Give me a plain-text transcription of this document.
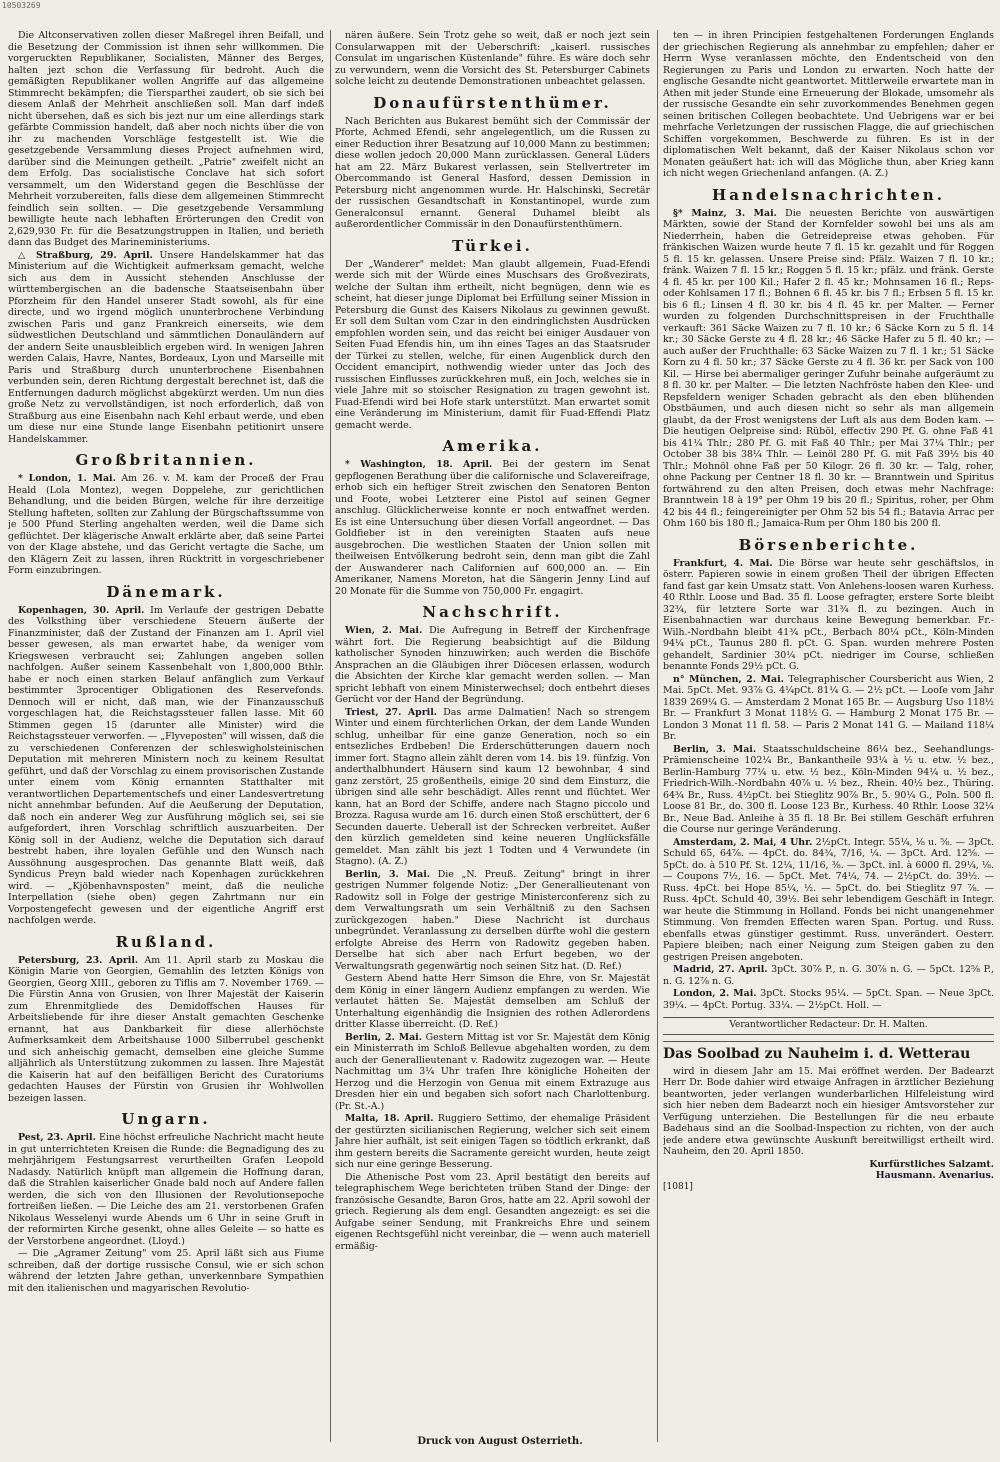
10503269

Die Altconservativen zollen dieser Maßregel ihren Beifall, und die Besetzung der Commission ist ihnen sehr willkommen. Die vorgeruckten Republikaner, Socialisten, Männer des Berges, halten jezt schon die Verfassung für bedroht. Auch die gemäßigten Republikaner wollen Angriffe auf das allgemeine Stimmrecht bekämpfen; die Tiersparthei zaudert, ob sie sich bei diesem Anlaß der Mehrheit anschließen soll. Man darf indeß nicht übersehen, daß es sich bis jezt nur um eine allerdings stark gefärbte Commission handelt, daß aber noch nichts über die von ihr zu machenden Vorschläge festgestellt ist. Wie die gesetzgebende Versammlung dieses Project aufnehmen wird, darüber sind die Meinungen getheilt. „Patrie" zweifelt nicht an dem Erfolg. Das socialistische Conclave hat sich sofort versammelt, um den Widerstand gegen die Beschlüsse der Mehrheit vorzubereiten, falls diese dem allgemeinen Stimmrecht feindlich sein sollten. — Die gesetzgebende Versammlung bewilligte heute nach lebhaften Erörterungen den Credit von 2,629,930 Fr. für die Besatzungstruppen in Italien, und berieth dann das Budget des Marineministeriums.

△ Straßburg, 29. April. Unsere Handelskammer hat das Ministerium auf die Wichtigkeit aufmerksam gemacht, welche sich aus dem in Aussicht stehenden Anschlusse der württembergischen an die badensche Staatseisenbahn über Pforzheim für den Handel unserer Stadt sowohl, als für eine directe, und wo irgend möglich ununterbrochene Verbindung zwischen Paris und ganz Frankreich einerseits, wie dem südwestlichen Deutschland und sämmtlichen Donauländern auf der andern Seite unausbleiblich ergeben wird. In wenigen Jahren werden Calais, Havre, Nantes, Bordeaux, Lyon und Marseille mit Paris und Straßburg durch ununterbrochene Eisenbahnen verbunden sein, deren Richtung dergestalt berechnet ist, daß die Entfernungen dadurch möglichst abgekürzt werden. Um nun dies große Netz zu vervollständigen, ist noch erforderlich, daß von Straßburg aus eine Eisenbahn nach Kehl erbaut werde, und eben um diese nur eine Stunde lange Eisenbahn petitionirt unsere Handelskammer.

Großbritannien.

* London, 1. Mai. Am 26. v. M. kam der Proceß der Frau Heald (Lola Montez), wegen Doppelehe, zur gerichtlichen Behandlung, und die beiden Bürgen, welche für ihre derzeitige Stellung hafteten, sollten zur Zahlung der Bürgschaftssumme von je 500 Pfund Sterling angehalten werden, weil die Dame sich geflüchtet. Der klägerische Anwalt erklärte aber, daß seine Partei von der Klage abstehe, und das Gericht vertagte die Sache, um den Klägern Zeit zu lassen, ihren Rücktritt in vorgeschriebener Form einzubringen.

Dänemark.

Kopenhagen, 30. April. Im Verlaufe der gestrigen Debatte des Volksthing über verschiedene Steuern äußerte der Finanzminister, daß der Zustand der Finanzen am 1. April viel besser gewesen, als man erwartet habe, da weniger vom Kriegswesen verbraucht sei; Zahlungen angeben sollen nachfolgen. Außer seinem Kassenbehalt von 1,800,000 Bthlr. habe er noch einen starken Belauf anfänglich zum Verkauf bestimmter 3procentiger Obligationen des Reservefonds. Dennoch will er nicht, daß man, wie der Finanzausschuß vorgeschlagen hat, die Reichstagssteuer fallen lasse. Mit 60 Stimmen gegen 15 (darunter alle Minister) wird die Reichstagssteuer verworfen. — „Flyveposten" will wissen, daß die zu verschiedenen Conferenzen der schleswigholsteinischen Deputation mit mehreren Ministern noch zu keinem Resultat geführt, und daß der Vorschlag zu einem provisorischen Zustande unter einem vom König ernannten Statthalter mit verantwortlichen Departementschefs und einer Landesvertretung nicht annehmbar befunden. Auf die Aeußerung der Deputation, daß noch ein anderer Weg zur Ausführung möglich sei, sei sie aufgefordert, ihren Vorschlag schriftlich auszuarbeiten. Der König soll in der Audienz, welche die Deputation sich darauf bestrebt haben, ihre loyalen Gefühle und den Wunsch nach Aussöhnung ausgesprochen. Das genannte Blatt weiß, daß Syndicus Preyn bald wieder nach Kopenhagen zurückkehren wird. — „Kjöbenhavnsposten" meint, daß die neuliche Interpellation (siehe oben) gegen Zahrtmann nur ein Vorpostengefecht gewesen und der eigentliche Angriff erst nachfolgen werde.

Rußland.

Petersburg, 23. April. Am 11. April starb zu Moskau die Königin Marie von Georgien, Gemahlin des letzten Königs von Georgien, Georg XIII., geboren zu Tiflis am 7. November 1769. — Die Fürstin Anna von Grusien, von Ihrer Majestät der Kaiserin zum Ehrenmitgliede des Demidoffschen Hauses für Arbeitsliebende für ihre dieser Anstalt gemachten Geschenke ernannt, hat aus Dankbarkeit für diese allerhöchste Aufmerksamkeit dem Arbeitshause 1000 Silberrubel geschenkt und sich anheischig gemacht, demselben eine gleiche Summe alljährlich als Unterstützung zukommen zu lassen. Ihre Majestät die Kaiserin hat auf den beifälligen Bericht des Curatoriums gedachten Hauses der Fürstin von Grusien ihr Wohlwollen bezeigen lassen.

Ungarn.

Pest, 23. April. Eine höchst erfreuliche Nachricht macht heute in gut unterrichteten Kreisen die Runde: die Begnadigung des zu mehrjährigem Festungsarrest verurtheilten Grafen Leopold Nadasdy. Natürlich knüpft man allgemein die Hoffnung daran, daß die Strahlen kaiserlicher Gnade bald noch auf Andere fallen werden, die sich von den Illusionen der Revolutionsepoche fortreißen ließen. — Die Leiche des am 21. verstorbenen Grafen Nikolaus Wesselenyi wurde Abends um 6 Uhr in seine Gruft in der reformirten Kirche gesenkt, ohne alles Geleite — so hatte es der Verstorbene angeordnet. (Lloyd.)

— Die „Agramer Zeitung" vom 25. April läßt sich aus Fiume schreiben, daß der dortige russische Consul, wie er sich schon während der letzten Jahre gethan, unverkennbare Sympathien mit den italienischen und magyarischen Revolutio-

nären äußere. Sein Trotz gehe so weit, daß er noch jezt sein Consularwappen mit der Ueberschrift: „kaiserl. russisches Consulat im ungarischen Küstenlande" führe. Es wäre doch sehr zu verwundern, wenn die Vorsicht des St. Petersburger Cabinets solche leicht zu deutende Demonstrationen unbeachtet gelassen.

Donaufürstenthümer.

Nach Berichten aus Bukarest bemüht sich der Commissär der Pforte, Achmed Efendi, sehr angelegentlich, um die Russen zu einer Reduction ihrer Besatzung auf 10,000 Mann zu bestimmen; diese wollen jedoch 20,000 Mann zurücklassen. General Lüders hat am 22. März Bukarest verlassen, sein Stellvertreter im Obercommando ist General Hasford, dessen Demission in Petersburg nicht angenommen wurde. Hr. Halschinski, Secretär der russischen Gesandtschaft in Konstantinopel, wurde zum Generalconsul ernannt. General Duhamel bleibt als außerordentlicher Commissär in den Donaufürstenthümern.

Türkei.

Der „Wanderer" meldet: Man glaubt allgemein, Fuad-Efendi werde sich mit der Würde eines Muschsars des Großvezirats, welche der Sultan ihm ertheilt, nicht begnügen, denn wie es scheint, hat dieser junge Diplomat bei Erfüllung seiner Mission in Petersburg die Gunst des Kaisers Nikolaus zu gewinnen gewußt. Er soll dem Sultan vom Czar in den eindringlichsten Ausdrücken empfohlen worden sein, und das reicht bei einiger Ausdauer von Seiten Fuad Efendis hin, um ihn eines Tages an das Staatsruder der Türkei zu stellen, welche, für einen Augenblick durch den Occident emancipirt, nothwendig wieder unter das Joch des russischen Einflusses zurückkehren muß, ein Joch, welches sie in viele Jahre mit so stoischer Resignation zu tragen gewohnt ist. Fuad-Efendi wird bei Hofe stark unterstützt. Man erwartet somit eine Veränderung im Ministerium, damit für Fuad-Effendi Platz gemacht werde.

Amerika.

* Washington, 18. April. Bei der gestern im Senat gepflogenen Berathung über die californische und Sclavereifrage, erhob sich ein heftiger Streit zwischen den Senatoren Benton und Foote, wobei Letzterer eine Pistol auf seinen Gegner anschlug. Glücklicherweise konnte er noch entwaffnet werden. Es ist eine Untersuchung über diesen Vorfall angeordnet. — Das Goldfieber ist in den vereinigten Staaten aufs neue ausgebrochen. Die westlichen Staaten der Union sollen mit theilweisen Entvölkerung bedroht sein, denn man gibt die Zahl der Auswanderer nach Californien auf 600,000 an. — Ein Amerikaner, Namens Moreton, hat die Sängerin Jenny Lind auf 20 Monate für die Summe von 750,000 Fr. engagirt.

Nachschrift.

Wien, 2. Mai. Die Aufregung in Betreff der Kirchenfrage währt fort. Die Regierung beabsichtigt auf die Bildung katholischer Synoden hinzuwirken; auch werden die Bischöfe Ansprachen an die Gläubigen ihrer Diöcesen erlassen, wodurch die Absichten der Kirche klar gemacht werden sollen. — Man spricht lebhaft von einem Ministerwechsel; doch entbehrt dieses Gerücht vor der Hand der Begründung.

Triest, 27. April. Das arme Dalmatien! Nach so strengem Winter und einem fürchterlichen Orkan, der dem Lande Wunden schlug, unheilbar für eine ganze Generation, noch so ein entsezliches Erdbeben! Die Erderschütterungen dauern noch immer fort. Stagno allein zählt deren vom 14. bis 19. fünfzig. Von anderthalbhundert Häusern sind kaum 12 bewohnbar, 4 sind ganz zerstört, 25 großentheils, einige 20 sind dem Einsturz, die übrigen sind alle sehr beschädigt. Alles rennt und flüchtet. Wer kann, hat an Bord der Schiffe, andere nach Stagno piccolo und Brozza. Ragusa wurde am 16. durch einen Stoß erschüttert, der 6 Secunden dauerte. Ueberall ist der Schrecken verbreitet. Außer den kürzlich gemeldeten sind keine neueren Unglücksfälle gemeldet. Man zählt bis jezt 1 Todten und 4 Verwundete (in Stagno). (A. Z.)

Berlin, 3. Mai. Die „N. Preuß. Zeitung" bringt in ihrer gestrigen Nummer folgende Notiz: „Der Generallieutenant von Radowitz soll in Folge der gestrige Ministerconferenz sich zu dem Verwaltungsrath um sein Verhältniß zu den Sachsen zurückgezogen haben." Diese Nachricht ist durchaus unbegründet. Veranlassung zu derselben dürfte wohl die gestern erfolgte Abreise des Herrn von Radowitz gegeben haben. Derselbe hat sich aber nach Erfurt begeben, wo der Verwaltungsrath gegenwärtig noch seinen Sitz hat. (D. Ref.)

Gestern Abend hatte Herr Simson die Ehre, von Sr. Majestät dem König in einer längern Audienz empfangen zu werden. Wie verlautet hätten Se. Majestät demselben am Schluß der Unterhaltung eigenhändig die Insignien des rothen Adlerordens dritter Klasse überreicht. (D. Ref.)

Berlin, 2. Mai. Gestern Mittag ist vor Sr. Majestät dem König ein Ministerrath im Schloß Bellevue abgehalten worden, zu dem auch der Generallieutenant v. Radowitz zugezogen war. — Heute Nachmittag um 3¼ Uhr trafen Ihre königliche Hoheiten der Herzog und die Herzogin von Genua mit einem Extrazuge aus Dresden hier ein und begaben sich sofort nach Charlottenburg. (Pr. St.-A.)

Malta, 18. April. Ruggiero Settimo, der ehemalige Präsident der gestürzten sicilianischen Regierung, welcher sich seit einem Jahre hier aufhält, ist seit einigen Tagen so tödtlich erkrankt, daß ihm gestern bereits die Sacramente gereicht wurden, heute zeigt sich nur eine geringe Besserung.

Die Athenische Post vom 23. April bestätigt den bereits auf telegraphischem Wege berichteten trüben Stand der Dinge: der französische Gesandte, Baron Gros, hatte am 22. April sowohl der griech. Regierung als dem engl. Gesandten angezeigt: es sei die Aufgabe seiner Sendung, mit Frankreichs Ehre und seinem eigenen Rechtsgefühl nicht vereinbar, die — wenn auch materiell ermäßig-

ten — in ihren Principien festgehaltenen Forderungen Englands der griechischen Regierung als annehmbar zu empfehlen; daher er Herrn Wyse veranlassen möchte, den Endentscheid von den Regierungen zu Paris und London zu erwarten. Noch hatte der englische Gesandte nicht geantwortet. Mittlerweile erwartete man in Athen mit jeder Stunde eine Erneuerung der Blokade, umsomehr als der russische Gesandte ein sehr zuvorkommendes Benehmen gegen seinen britischen Collegen beobachtete. Und Uebrigens war er bei mehrfache Verletzungen der russischen Flagge, die auf griechischen Schiffen vorgekommen, Beschwerde zu führen. Es ist in der diplomatischen Welt bekannt, daß der Kaiser Nikolaus schon vor Monaten geäußert hat: ich will das Mögliche thun, aber Krieg kann ich nicht wegen Griechenland anfangen. (A. Z.)

Handelsnachrichten.

§* Mainz, 3. Mai. Die neuesten Berichte von auswärtigen Märkten, sowie der Stand der Kornfelder sowohl bei uns als am Niederrhein, haben die Getreidepreise etwas gehoben. Für fränkischen Waizen wurde heute 7 fl. 15 kr. gezahlt und für Roggen 5 fl. 15 kr. gelassen. Unsere Preise sind: Pfälz. Waizen 7 fl. 10 kr.; fränk. Waizen 7 fl. 15 kr.; Roggen 5 fl. 15 kr.; pfälz. und fränk. Gerste 4 fl. 45 kr. per 100 Kil.; Hafer 2 fl. 45 kr.; Mohnsamen 16 fl.; Reps- oder Kohlsamen 17 fl.; Bohnen 6 fl. 45 kr. bis 7 fl.; Erbsen 5 fl. 15 kr. bis 6 fl.; Linsen 4 fl. 30 kr. bis 4 fl. 45 kr. per Malter. — Ferner wurden zu folgenden Durchschnittspreisen in der Fruchthalle verkauft: 361 Säcke Waizen zu 7 fl. 10 kr.; 6 Säcke Korn zu 5 fl. 14 kr.; 30 Säcke Gerste zu 4 fl. 28 kr.; 46 Säcke Hafer zu 5 fl. 40 kr.; — auch außer der Fruchthalle: 63 Säcke Waizen zu 7 fl. 1 kr.; 51 Säcke Korn zu 4 fl. 50 kr.; 37 Säcke Gerste zu 4 fl. 36 kr. per Sack von 100 Kil. — Hirse bei abermaliger geringer Zufuhr beinahe aufgeräumt zu 8 fl. 30 kr. per Malter. — Die letzten Nachfröste haben den Klee- und Repsfeldern weniger Schaden gebracht als den eben blühenden Obstbäumen, und auch diesen nicht so sehr als man allgemein glaubt, da der Frost wenigstens der Luft als aus dem Boden kam. — Die heutigen Oelpreise sind: Rüböl, effectiv 290 Pf. G. ohne Faß 41 bis 41¼ Thlr.; 280 Pf. G. mit Faß 40 Thlr.; per Mai 37¼ Thlr.; per October 38 bis 38¼ Thlr. — Leinöl 280 Pf. G. mit Faß 39½ bis 40 Thlr.; Mohnöl ohne Faß per 50 Kilogr. 26 fl. 30 kr. — Talg, roher, ohne Packung per Centner 18 fl. 30 kr. — Branntwein und Spiritus fortwährend zu den alten Preisen, doch etwas mehr Nachfrage: Branntwein 18 à 19° per Ohm 19 bis 20 fl.; Spiritus, roher, per Ohm 42 bis 44 fl.; feingereinigter per Ohm 52 bis 54 fl.; Batavia Arrac per Ohm 160 bis 180 fl.; Jamaica-Rum per Ohm 180 bis 200 fl.

Börsenberichte.

Frankfurt, 4. Mai. Die Börse war heute sehr geschäftslos, in österr. Papieren sowie in einem großen Theil der übrigen Effecten fand fast gar kein Umsatz statt. Von Anlehens-loosen waren Kurhess. 40 Rthlr. Loose und Bad. 35 fl. Loose gefragter, erstere Sorte bleibt 32¾, für letztere Sorte war 31¾ fl. zu bezingen. Auch in Eisenbahnactien war durchaus keine Bewegung bemerkbar. Fr.-Wilh.-Nordbahn bleibt 41¾ pCt., Berbach 80¼ pCt., Köln-Minden 94¼ pCt., Taunus 280 fl. pCt. G. Span. wurden mehrere Posten gehandelt, Sardinier 30¼ pCt. niedriger im Course, schließen benannte Fonds 29½ pCt. G.

n° München, 2. Mai. Telegraphischer Coursbericht aus Wien, 2 Mai. 5pCt. Met. 93⅞ G. 4¼pCt. 81¼ G. — 2½ pCt. — Looſe vom Jahr 1839 269¼ G. — Amsterdam 2 Monat 165 Br. — Augsburg Uso 118½ Br. — Frankfurt 3 Monat 118½ G. — Hamburg 2 Monat 175 Br. — London 3 Monat 11 fl. 58. — Paris 2 Monat 141 G. — Mailand 118¼ Br.

Berlin, 3. Mai. Staatsschuldscheine 86¼ bez., Seehandlungs-Prämienscheine 102¼ Br., Bankantheile 93¼ à ½ u. etw. ½ bez., Berlin-Hamburg 77¼ u. etw. ½ bez., Köln-Minden 94¼ u. ½ bez., Friedrich-Wilh.-Nordbahn 40⅞ u. ½ bez., Rhein. 40½ bez., Thüring. 64¾ Br., Russ. 4½pCt. bei Stieglitz 90⅞ Br., 5. 90¼ G., Poln. 500 fl. Loose 81 Br., do. 300 fl. Loose 123 Br., Kurhess. 40 Rthlr. Loose 32¼ Br., Neue Bad. Anleihe à 35 fl. 18 Br. Bei stillem Geschäft erfuhren die Course nur geringe Veränderung.

Amsterdam, 2. Mai, 4 Uhr. 2½pCt. Integr. 55¼, ⅛ u. ⅝. — 3pCt. Schuld 65, 64⅞. — 4pCt. do. 84¾, 7/16, ¼. — 3pCt. Ard. 12⅝. — 5pCt. do. à 510 Pf. St. 12¼, 11/16, ⅜. — 3pCt. inl. à 6000 fl. 29¼, ⅛. — Coupons 7½, 16. — 5pCt. Met. 74¼, 74. — 2½pCt. do. 39½. — Russ. 4pCt. bei Hope 85¼, ½. — 5pCt. do. bei Stieglitz 97 ⅞. — Russ. 4pCt. Schuld 40, 39½. Bei sehr lebendigem Geschäft in Integr. war heute die Stimmung in Holland. Fonds bei nicht unangenehmer Stimmung. Von fremden Effecten waren Span. Portug. und Russ. ebenfalls etwas günstiger gestimmt. Russ. unverändert. Oesterr. Papiere bleiben; nach einer Neigung zum Steigen gaben zu den gestrigen Preisen angeboten.

Madrid, 27. April. 3pCt. 30⅞ P., n. G. 30⅞ n. G. — 5pCt. 12⅝ P., n. G. 12⅞ n. G.

London, 2. Mai. 3pCt. Stocks 95¼. — 5pCt. Span. — Neue 3pCt. 39¼. — 4pCt. Portug. 33¼. — 2½pCt. Holl. —

Verantwortlicher Redacteur: Dr. H. Malten.
Das Soolbad zu Nauheim i. d. Wetterau

wird in diesem Jahr am 15. Mai eröffnet werden. Der Badearzt Herr Dr. Bode dahier wird etwaige Anfragen in ärztlicher Beziehung beantworten, jeder verlangen wunderbarlichen Hilfeleistung wird sich hier neben dem Badearzt noch ein hiesiger Amtsvorsteher zur Verfügung unterziehen. Die Bestellungen für die neu erbaute Badehaus sind an die Soolbad-Inspection zu richten, von der auch jede andere etwa gewünschte Auskunft bereitwilligst ertheilt wird. Nauheim, den 20. April 1850.

Kurfürstliches Salzamt.
Hausmann. Avenarius.
[1081]
Druck von August Osterrieth.
